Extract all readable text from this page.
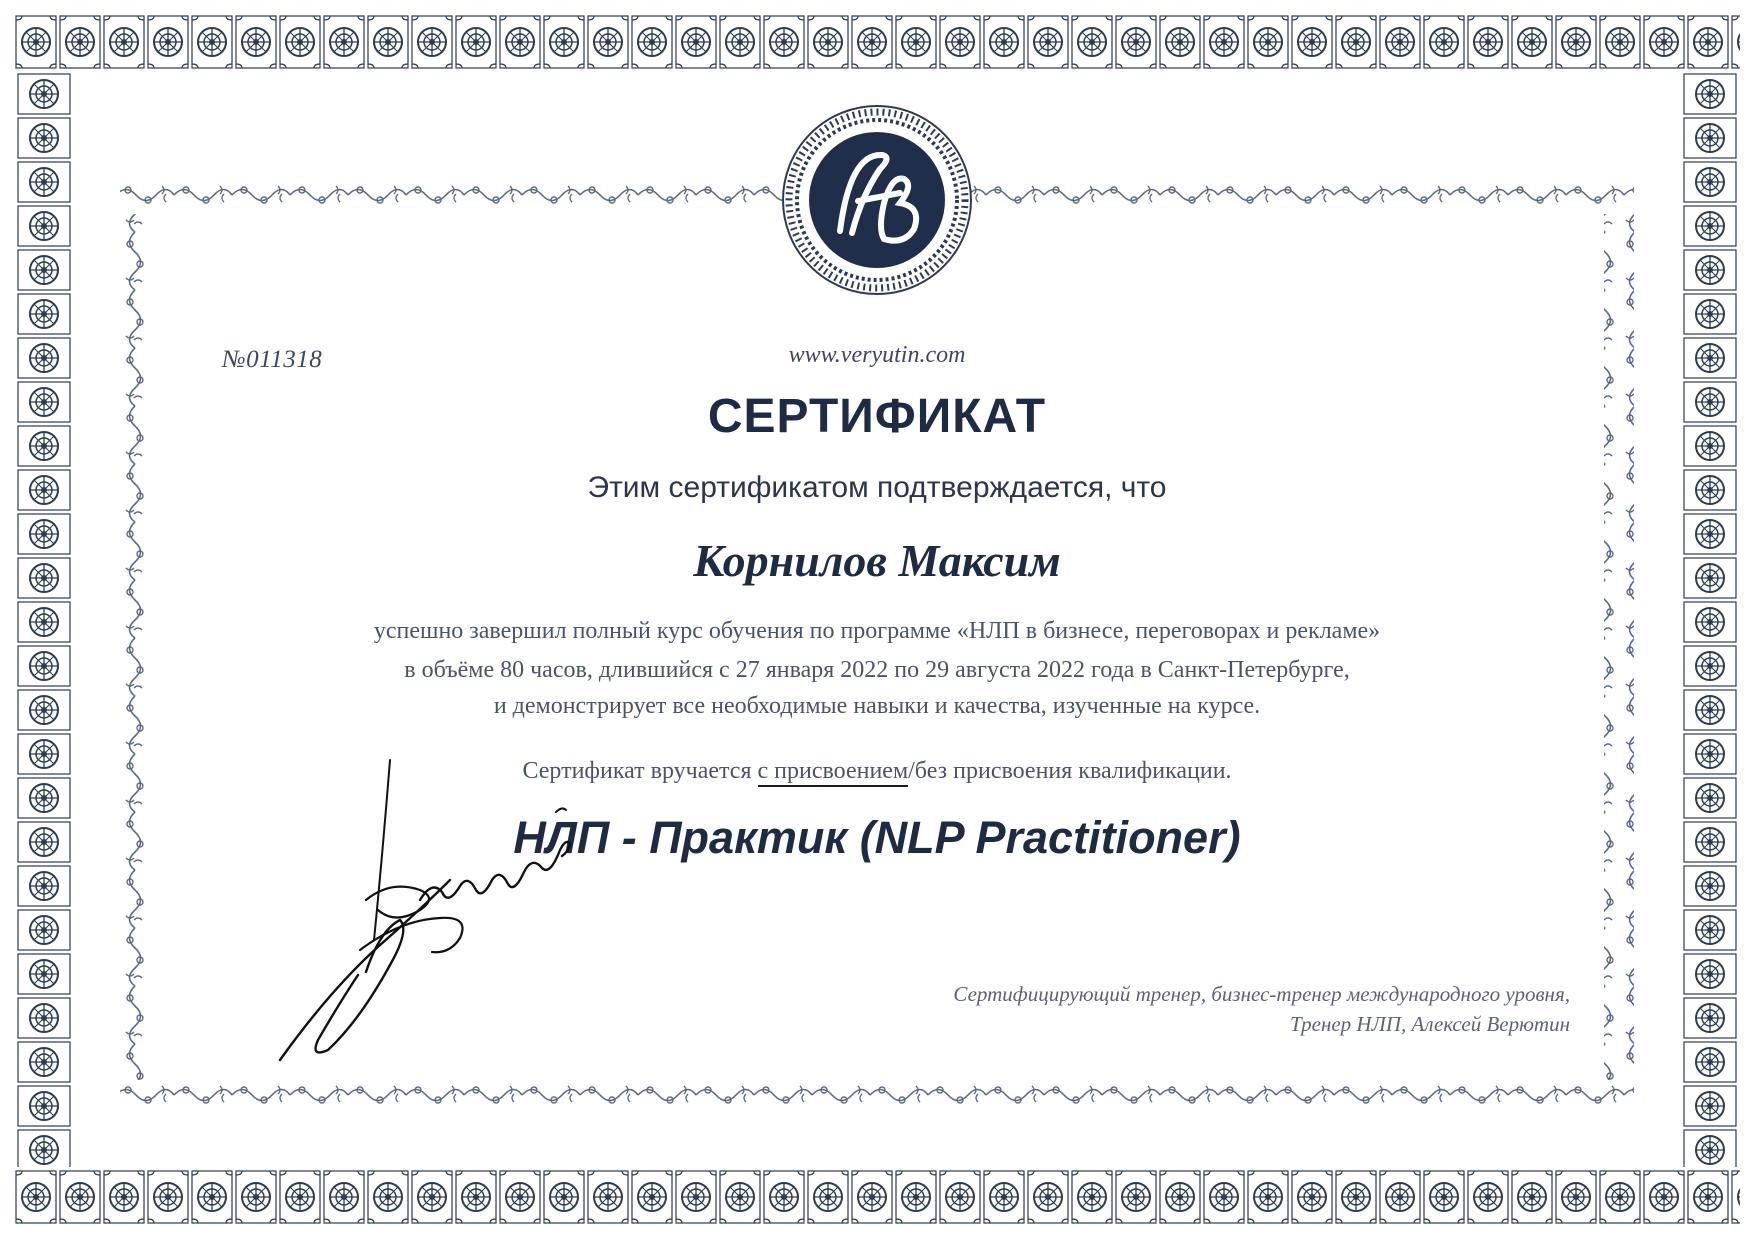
№011318	www.veryutin.com
СЕРТИФИКАТ
Этим сертификатом подтверждается, что
Корнилов Максим
успешно завершил полный курс обучения по программе «НЛП в бизнесе, переговорах и рекламе»
в объёме 80 часов, длившийся с 27 января 2022 по 29 августа 2022 года в Санкт-Петербурге,
и демонстрирует все необходимые навыки и качества, изученные на курсе.
Сертификат вручается с присвоением/без присвоения квалификации.
НЛП - Практик (NLP Practitioner)
Сертифицирующий тренер, бизнес-тренер международного уровня,
Тренер НЛП, Алексей Верютин
